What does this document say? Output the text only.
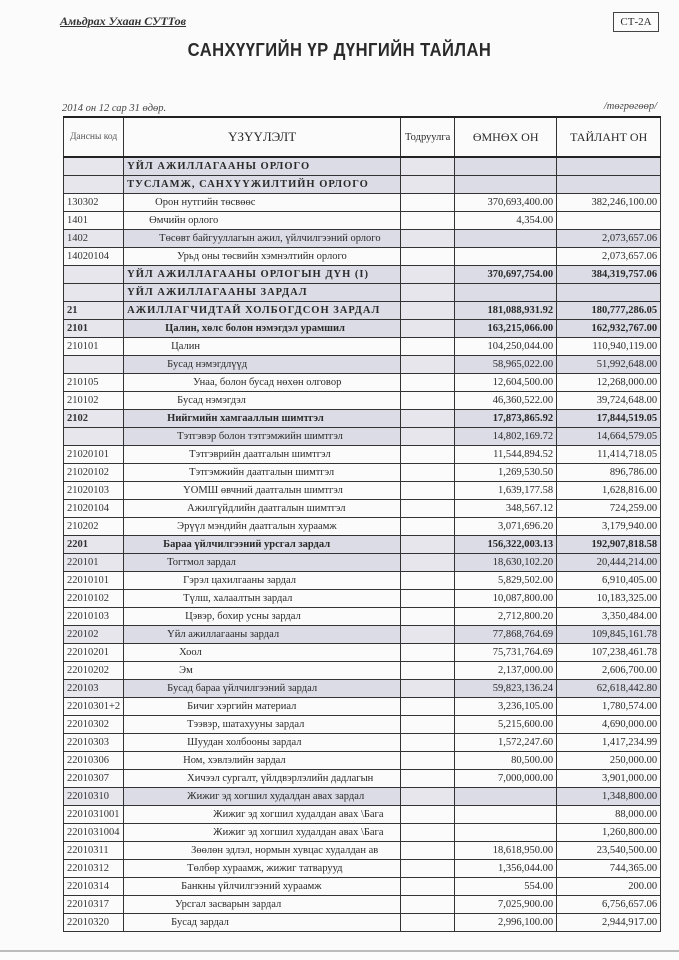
Амьдрах Ухаан СУТТов	СТ-2А
САНХҮҮГИЙН ҮР ДҮНГИЙН ТАЙЛАН
2014 он 12 сар 31 өдөр.	/төгрөгөөр/
Дансны код	ҮЗҮҮЛЭЛТ	Тодруулга	ӨМНӨХ ОН	ТАЙЛАНТ ОН
	ҮЙЛ АЖИЛЛАГААНЫ ОРЛОГО			
	ТУСЛАМЖ, САНХҮҮЖИЛТИЙН ОРЛОГО			
130302	Орон нутгийн төсвөөс		370,693,400.00	382,246,100.00
1401	Өмчийн орлого		4,354.00	
1402	Төсөвт байгууллагын ажил, үйлчилгээний орлого			2,073,657.06
14020104	Урьд оны төсвийн хэмнэлтийн орлого			2,073,657.06
	ҮЙЛ АЖИЛЛАГААНЫ ОРЛОГЫН ДҮН (I)		370,697,754.00	384,319,757.06
	ҮЙЛ АЖИЛЛАГААНЫ ЗАРДАЛ			
21	АЖИЛЛАГЧИДТАЙ ХОЛБОГДСОН ЗАРДАЛ		181,088,931.92	180,777,286.05
2101	Цалин, хөлс болон нэмэгдэл урамшил		163,215,066.00	162,932,767.00
210101	Цалин		104,250,044.00	110,940,119.00
	Бусад нэмэгдлүүд		58,965,022.00	51,992,648.00
210105	Унаа, болон бусад нөхөн олговор		12,604,500.00	12,268,000.00
210102	Бусад нэмэгдэл		46,360,522.00	39,724,648.00
2102	Нийгмийн хамгааллын шимтгэл		17,873,865.92	17,844,519.05
	Тэтгэвэр болон тэтгэмжийн шимтгэл		14,802,169.72	14,664,579.05
21020101	Тэтгэврийн даатгалын шимтгэл		11,544,894.52	11,414,718.05
21020102	Тэтгэмжийн даатгалын шимтгэл		1,269,530.50	896,786.00
21020103	ҮОМШ өвчний даатгалын шимтгэл		1,639,177.58	1,628,816.00
21020104	Ажилгүйдлийн даатгалын шимтгэл		348,567.12	724,259.00
210202	Эрүүл мэндийн даатгалын хураамж		3,071,696.20	3,179,940.00
2201	Бараа үйлчилгээний урсгал зардал		156,322,003.13	192,907,818.58
220101	Тогтмол зардал		18,630,102.20	20,444,214.00
22010101	Гэрэл цахилгааны зардал		5,829,502.00	6,910,405.00
22010102	Түлш, халаалтын зардал		10,087,800.00	10,183,325.00
22010103	Цэвэр, бохир усны зардал		2,712,800.20	3,350,484.00
220102	Үйл ажиллагааны зардал		77,868,764.69	109,845,161.78
22010201	Хоол		75,731,764.69	107,238,461.78
22010202	Эм		2,137,000.00	2,606,700.00
220103	Бусад бараа үйлчилгээний зардал		59,823,136.24	62,618,442.80
22010301+2	Бичиг хэргийн материал		3,236,105.00	1,780,574.00
22010302	Тээвэр, шатахууны зардал		5,215,600.00	4,690,000.00
22010303	Шуудан холбооны зардал		1,572,247.60	1,417,234.99
22010306	Ном, хэвлэлийн зардал		80,500.00	250,000.00
22010307	Хичээл сургалт, үйлдвэрлэлийн дадлагын		7,000,000.00	3,901,000.00
22010310	Жижиг эд хогшил худалдан авах зардал			1,348,800.00
2201031001	Жижиг эд хогшил худалдан авах \Бага			88,000.00
2201031004	Жижиг эд хогшил худалдан авах \Бага			1,260,800.00
22010311	Зөөлөн эдлэл, нормын хувцас худалдан ав		18,618,950.00	23,540,500.00
22010312	Төлбөр хураамж, жижиг татварууд		1,356,044.00	744,365.00
22010314	Банкны үйлчилгээний хураамж		554.00	200.00
22010317	Урсгал засварын зардал		7,025,900.00	6,756,657.06
22010320	Бусад зардал		2,996,100.00	2,944,917.00
